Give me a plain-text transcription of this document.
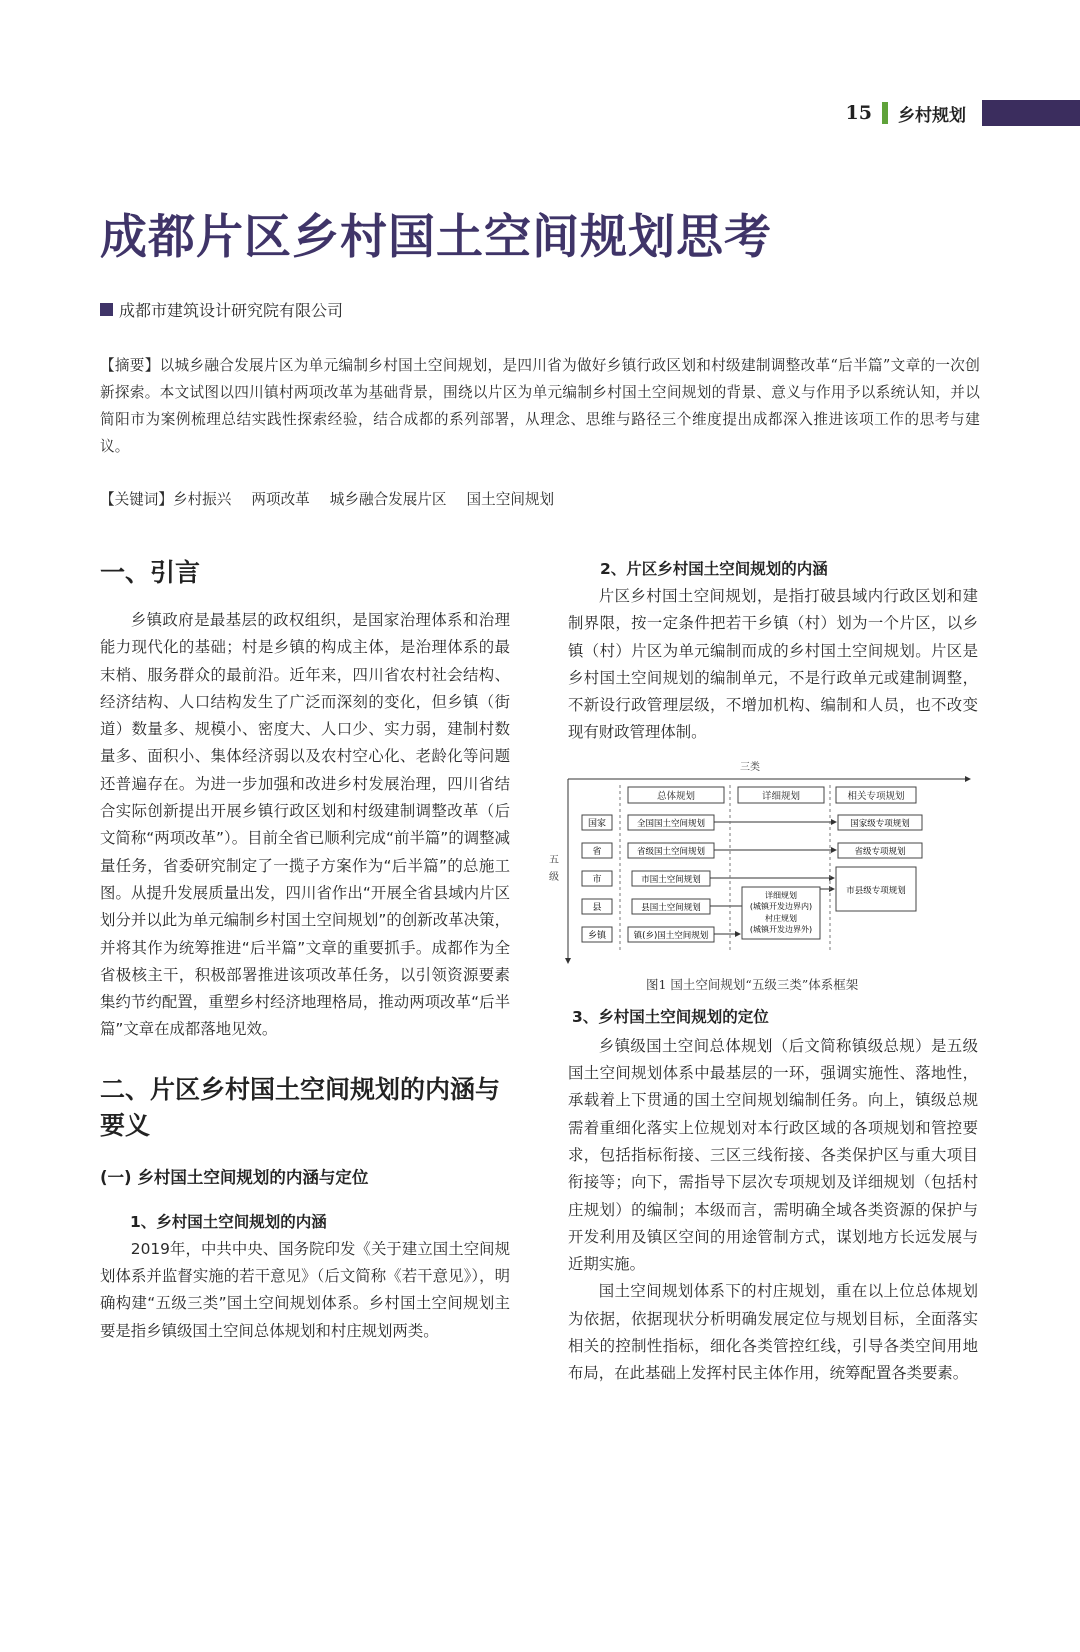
15 乡村规划
成都片区乡村国土空间规划思考
成都市建筑设计研究院有限公司
【摘要】以城乡融合发展片区为单元编制乡村国土空间规划，是四川省为做好乡镇行政区划和村级建制调整改革“后半篇”文章的一次创新探索。本文试图以四川镇村两项改革为基础背景，围绕以片区为单元编制乡村国土空间规划的背景、意义与作用予以系统认知，并以简阳市为案例梳理总结实践性探索经验，结合成都的系列部署，从理念、思维与路径三个维度提出成都深入推进该项工作的思考与建议。
【关键词】乡村振兴 两项改革 城乡融合发展片区 国土空间规划
一、引言

乡镇政府是最基层的政权组织，是国家治理体系和治理能力现代化的基础；村是乡镇的构成主体，是治理体系的最末梢、服务群众的最前沿。近年来，四川省农村社会结构、经济结构、人口结构发生了广泛而深刻的变化，但乡镇（街道）数量多、规模小、密度大、人口少、实力弱，建制村数量多、面积小、集体经济弱以及农村空心化、老龄化等问题还普遍存在。为进一步加强和改进乡村发展治理，四川省结合实际创新提出开展乡镇行政区划和村级建制调整改革（后文简称“两项改革”）。目前全省已顺利完成“前半篇”的调整减量任务，省委研究制定了一揽子方案作为“后半篇”的总施工图。从提升发展质量出发，四川省作出“开展全省县域内片区划分并以此为单元编制乡村国土空间规划”的创新改革决策，并将其作为统筹推进“后半篇”文章的重要抓手。成都作为全省极核主干，积极部署推进该项改革任务，以引领资源要素集约节约配置，重塑乡村经济地理格局，推动两项改革“后半篇”文章在成都落地见效。

二、片区乡村国土空间规划的内涵与要义
(一) 乡村国土空间规划的内涵与定位
1、乡村国土空间规划的内涵

2019年，中共中央、国务院印发《关于建立国土空间规划体系并监督实施的若干意见》（后文简称《若干意见》），明确构建“五级三类”国土空间规划体系。乡村国土空间规划主要是指乡镇级国土空间总体规划和村庄规划两类。

2、片区乡村国土空间规划的内涵

片区乡村国土空间规划，是指打破县域内行政区划和建制界限，按一定条件把若干乡镇（村）划为一个片区，以乡镇（村）片区为单元编制而成的乡村国土空间规划。片区是乡村国土空间规划的编制单元，不是行政单元或建制调整，不新设行政管理层级，不增加机构、编制和人员，也不改变现有财政管理体制。

三类
五
级
总体规划	详细规划	相关专项规划
国家
省
市
县
乡镇
全国国土空间规划
省级国土空间规划
市国土空间规划
县国土空间规划
镇(乡)国土空间规划
国家级专项规划
省级专项规划
市县级专项规划
详细规划
(城镇开发边界内)
村庄规划
(城镇开发边界外)
图1 国土空间规划“五级三类”体系框架
3、乡村国土空间规划的定位

乡镇级国土空间总体规划（后文简称镇级总规）是五级国土空间规划体系中最基层的一环，强调实施性、落地性，承载着上下贯通的国土空间规划编制任务。向上，镇级总规需着重细化落实上位规划对本行政区域的各项规划和管控要求，包括指标衔接、三区三线衔接、各类保护区与重大项目衔接等；向下，需指导下层次专项规划及详细规划（包括村庄规划）的编制；本级而言，需明确全域各类资源的保护与开发利用及镇区空间的用途管制方式，谋划地方长远发展与近期实施。

国土空间规划体系下的村庄规划，重在以上位总体规划为依据，依据现状分析明确发展定位与规划目标，全面落实相关的控制性指标，细化各类管控红线，引导各类空间用地布局，在此基础上发挥村民主体作用，统筹配置各类要素。
